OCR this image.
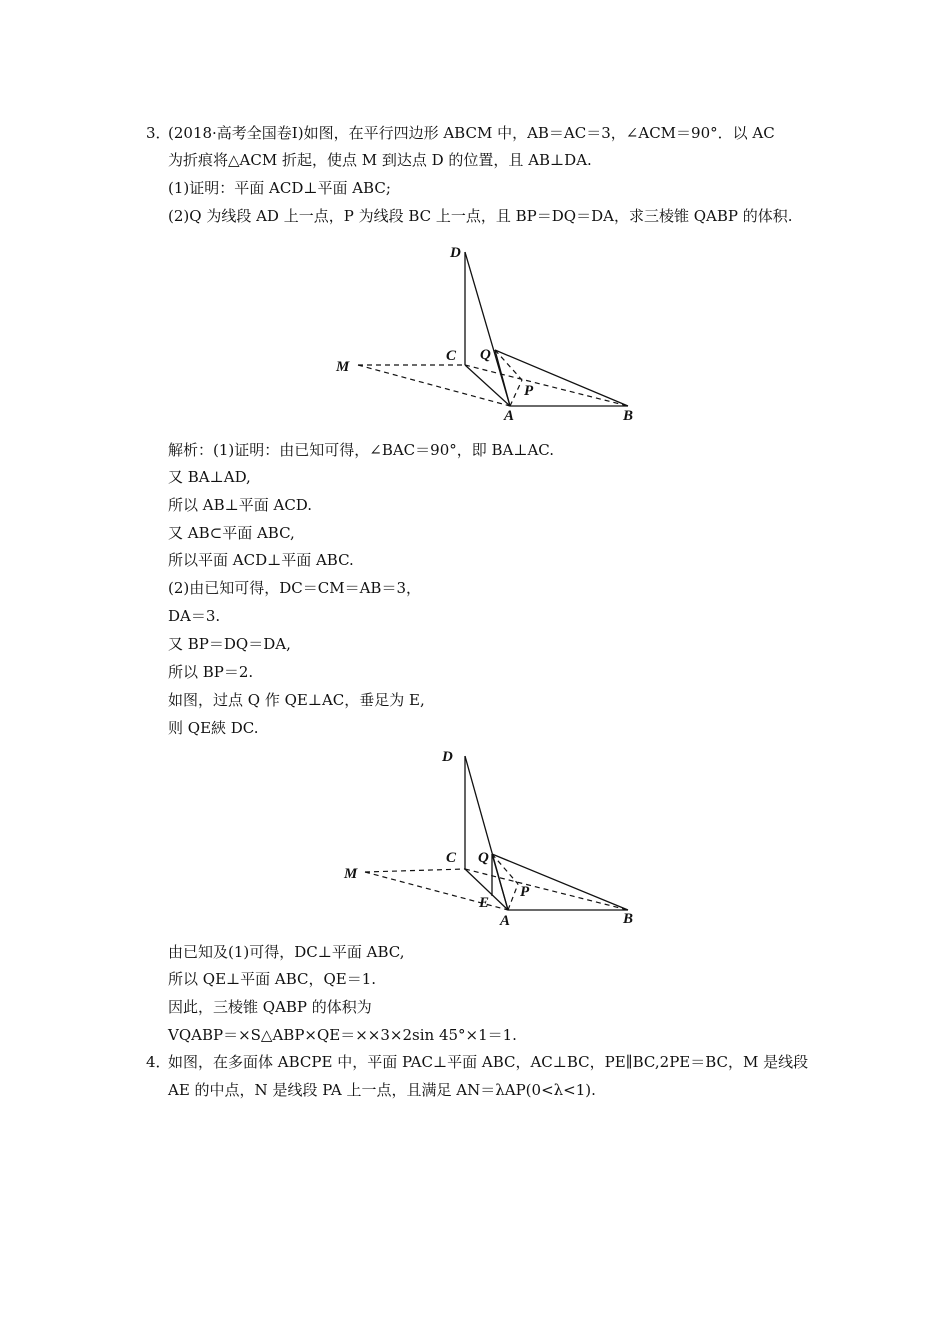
3．
(2018·高考全国卷Ⅰ)如图，在平行四边形 ABCM 中，AB＝AC＝3，∠ACM＝90°．以 AC
为折痕将△ACM 折起，使点 M 到达点 D 的位置，且 AB⊥DA.
(1)证明：平面 ACD⊥平面 ABC;
(2)Q 为线段 AD 上一点，P 为线段 BC 上一点，且 BP＝DQ＝DA，求三棱锥 QABP 的体积.
D
C Q
M
P
A	B
解析：(1)证明：由已知可得，∠BAC＝90°，即 BA⊥AC.
又 BA⊥AD,
所以 AB⊥平面 ACD.
又 AB⊂平面 ABC,
所以平面 ACD⊥平面 ABC.
(2)由已知可得，DC＝CM＝AB＝3，
DA＝3.
又 BP＝DQ＝DA,
所以 BP＝2.
如图，过点 Q 作 QE⊥AC，垂足为 E,
则 QE綊 DC.
D
C Q
M
P
E
A	B
由已知及(1)可得，DC⊥平面 ABC,
所以 QE⊥平面 ABC，QE＝1.
因此，三棱锥 QABP 的体积为
VQABP＝×S△ABP×QE＝××3×2sin 45°×1＝1.
4．
如图，在多面体 ABCPE 中，平面 PAC⊥平面 ABC，AC⊥BC，PE∥BC,2PE＝BC，M 是线段
AE 的中点，N 是线段 PA 上一点，且满足 AN＝λAP(0<λ<1).
